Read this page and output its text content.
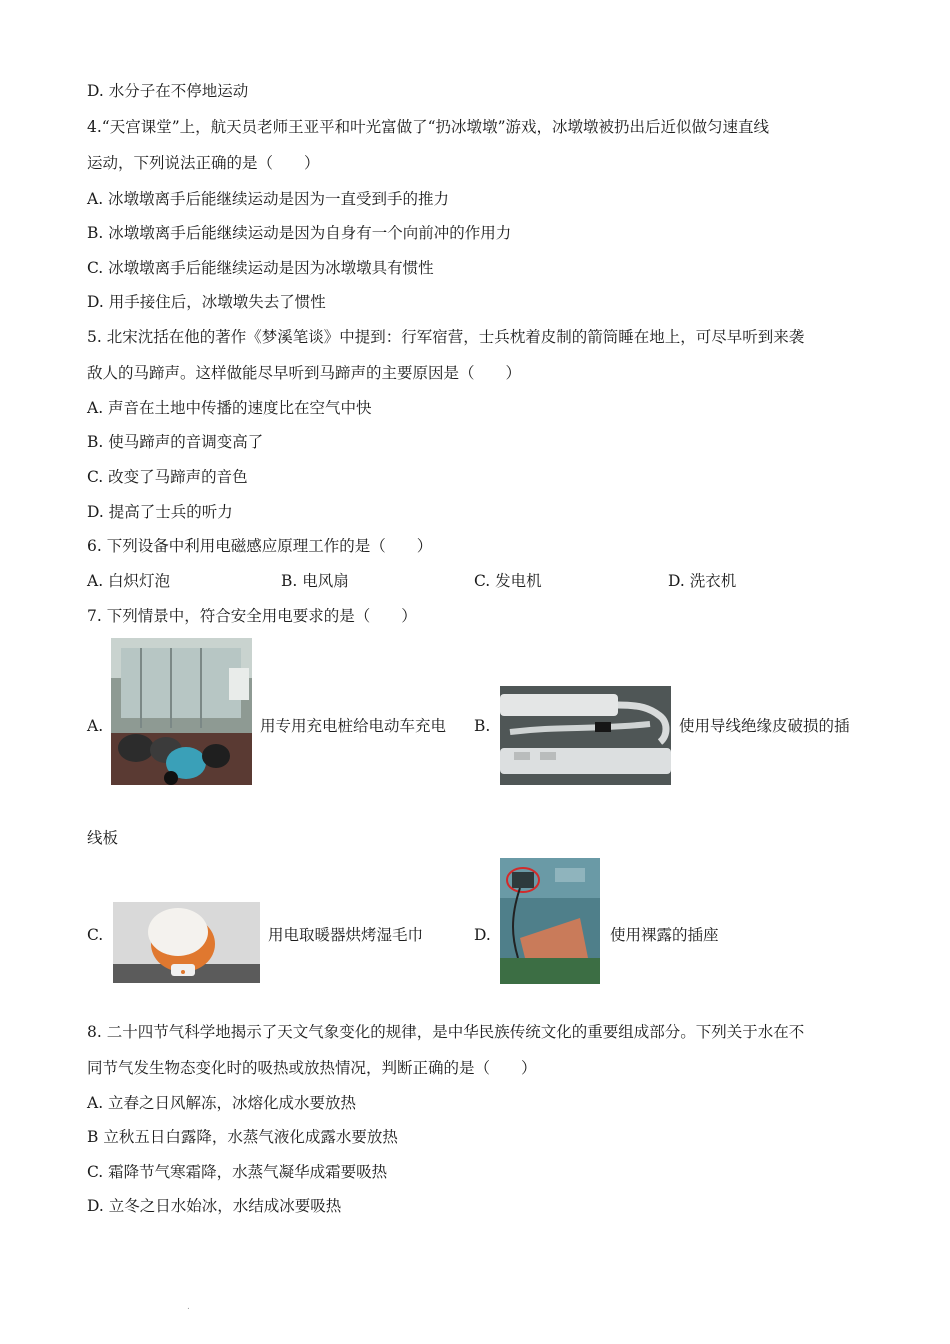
D. 水分子在不停地运动
4.“天宫课堂”上，航天员老师王亚平和叶光富做了“扔冰墩墩”游戏，冰墩墩被扔出后近似做匀速直线
运动，下列说法正确的是（　　）
A. 冰墩墩离手后能继续运动是因为一直受到手的推力
B. 冰墩墩离手后能继续运动是因为自身有一个向前冲的作用力
C. 冰墩墩离手后能继续运动是因为冰墩墩具有惯性
D. 用手接住后，冰墩墩失去了惯性
5. 北宋沈括在他的著作《梦溪笔谈》中提到：行军宿营，士兵枕着皮制的箭筒睡在地上，可尽早听到来袭
敌人的马蹄声。这样做能尽早听到马蹄声的主要原因是（　　）
A. 声音在土地中传播的速度比在空气中快
B. 使马蹄声的音调变高了
C. 改变了马蹄声的音色
D. 提高了士兵的听力
6. 下列设备中利用电磁感应原理工作的是（　　）
A. 白炽灯泡	B. 电风扇	C. 发电机	D. 洗衣机
7. 下列情景中，符合安全用电要求的是（　　）
A.	用专用充电桩给电动车充电 B.	使用导线绝缘皮破损的插
线板
C.	用电取暖器烘烤湿毛巾	D.	使用裸露的插座
8. 二十四节气科学地揭示了天文气象变化的规律，是中华民族传统文化的重要组成部分。下列关于水在不
同节气发生物态变化时的吸热或放热情况，判断正确的是（　　）
A. 立春之日风解冻，冰熔化成水要放热
B 立秋五日白露降，水蒸气液化成露水要放热
C. 霜降节气寒霜降，水蒸气凝华成霜要吸热
D. 立冬之日水始冰，水结成冰要吸热
.
